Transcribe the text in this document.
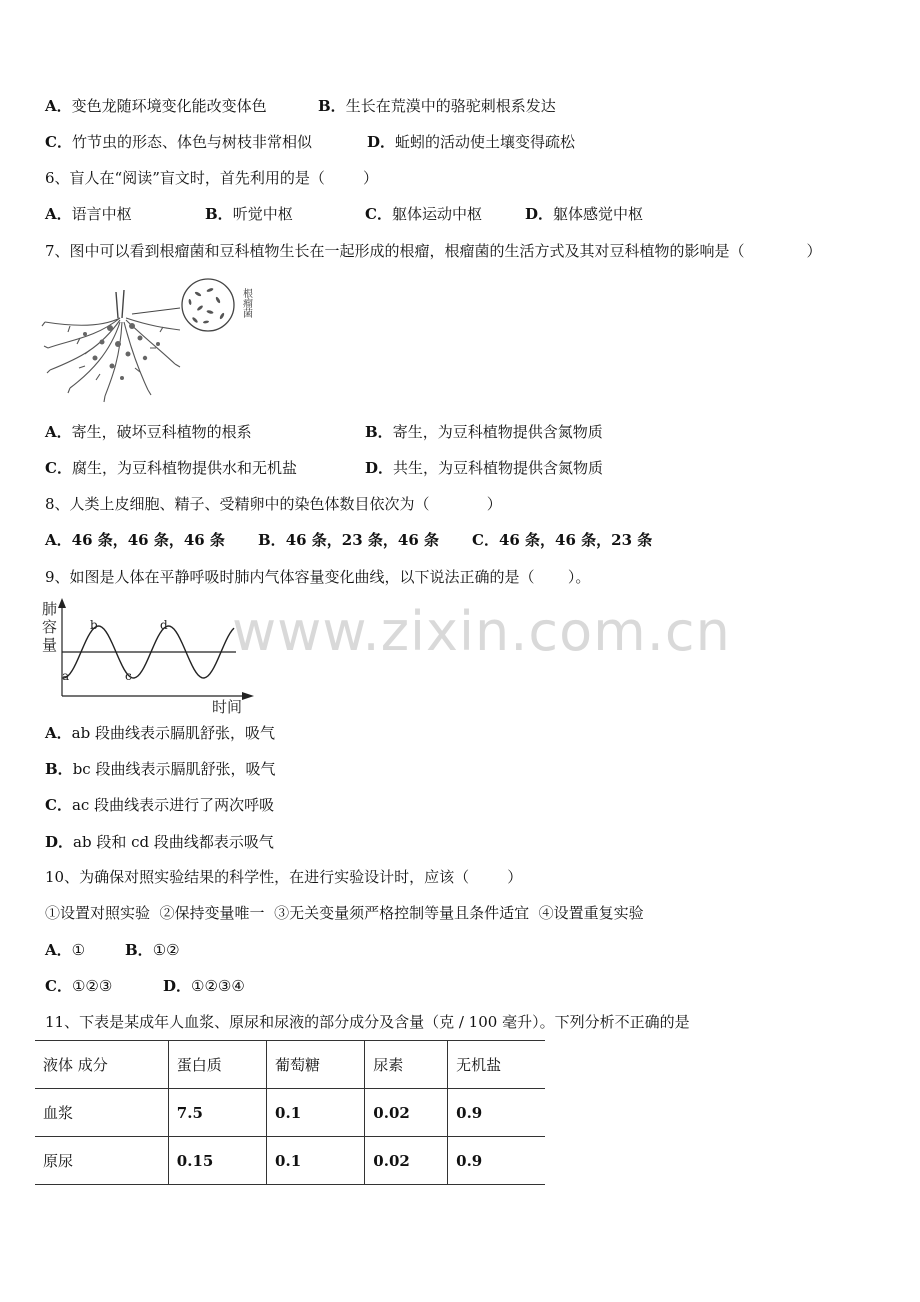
A．变色龙随环境变化能改变体色	B．生长在荒漠中的骆驼刺根系发达
C．竹节虫的形态、体色与树枝非常相似	D．蚯蚓的活动使土壤变得疏松
6、盲人在“阅读”盲文时，首先利用的是（        ）
A．语言中枢	B．听觉中枢	C．躯体运动中枢	D．躯体感觉中枢
7、图中可以看到根瘤菌和豆科植物生长在一起形成的根瘤，根瘤菌的生活方式及其对豆科植物的影响是（             ）
根瘤菌
A．寄生，破坏豆科植物的根系	B．寄生，为豆科植物提供含氮物质
C．腐生，为豆科植物提供水和无机盐	D．共生，为豆科植物提供含氮物质
8、人类上皮细胞、精子、受精卵中的染色体数目依次为（            ）
A．46 条，46 条，46 条 B．46 条，23 条，46 条 C．46 条，46 条，23 条
9、如图是人体在平静呼吸时肺内气体容量变化曲线，以下说法正确的是（       ）。
www.zixin.com.cn
肺
容
量
时间
a
b
c
d
A．ab 段曲线表示膈肌舒张，吸气
B．bc 段曲线表示膈肌舒张，吸气
C．ac 段曲线表示进行了两次呼吸
D．ab 段和 cd 段曲线都表示吸气
10、为确保对照实验结果的科学性，在进行实验设计时，应该（        ）
①设置对照实验  ②保持变量唯一  ③无关变量须严格控制等量且条件适宜  ④设置重复实验
A．①	B．①②
C．①②③	D．①②③④
11、下表是某成年人血浆、原尿和尿液的部分成分及含量（克 / 100 毫升）。下列分析不正确的是
液体 成分	蛋白质	葡萄糖	尿素	无机盐
血浆	7.5	0.1	0.02	0.9
原尿	0.15	0.1	0.02	0.9
